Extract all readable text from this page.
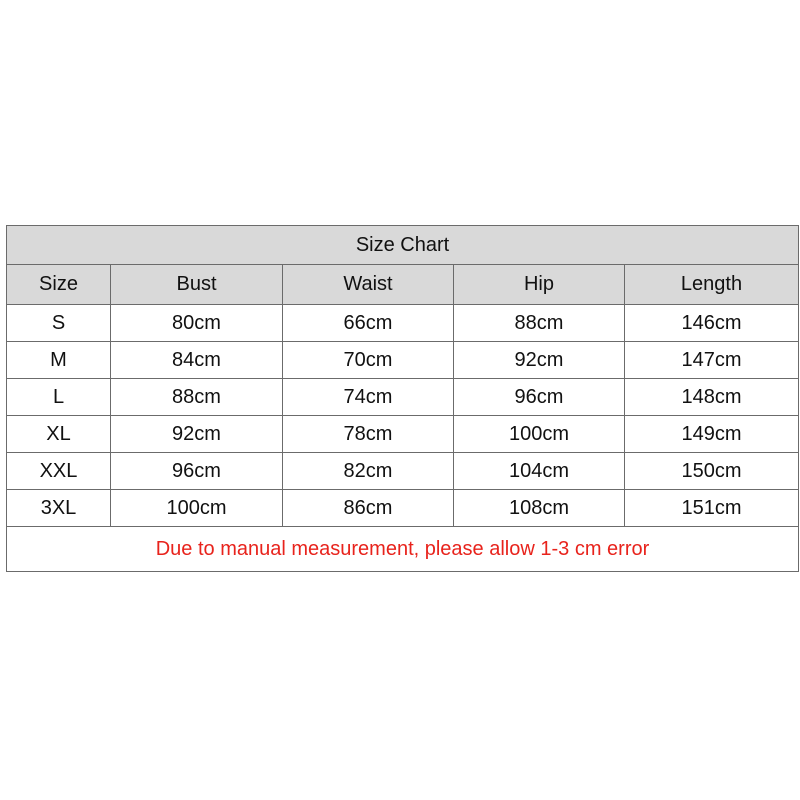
Size Chart				
Size	Bust	Waist	Hip	Length
S	80cm	66cm	88cm	146cm
M	84cm	70cm	92cm	147cm
L	88cm	74cm	96cm	148cm
XL	92cm	78cm	100cm	149cm
XXL	96cm	82cm	104cm	150cm
3XL	100cm	86cm	108cm	151cm
Due to manual measurement, please allow 1-3 cm error				
